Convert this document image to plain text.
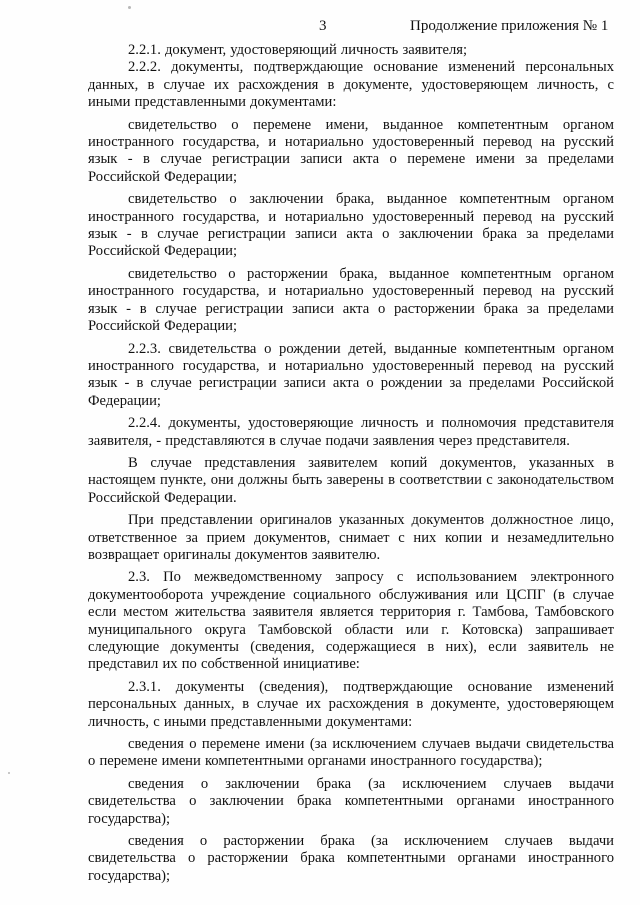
3	Продолжение приложения № 1

2.2.1. документ, удостоверяющий личность заявителя;

2.2.2. документы, подтверждающие основание изменений персональных данных, в случае их расхождения в документе, удостоверяющем личность, с иными представленными документами:

свидетельство о перемене имени, выданное компетентным органом иностранного государства, и нотариально удостоверенный перевод на русский язык - в случае регистрации записи акта о перемене имени за пределами Российской Федерации;

свидетельство о заключении брака, выданное компетентным органом иностранного государства, и нотариально удостоверенный перевод на русский язык - в случае регистрации записи акта о заключении брака за пределами Российской Федерации;

свидетельство о расторжении брака, выданное компетентным органом иностранного государства, и нотариально удостоверенный перевод на русский язык - в случае регистрации записи акта о расторжении брака за пределами Российской Федерации;

2.2.3. свидетельства о рождении детей, выданные компетентным органом иностранного государства, и нотариально удостоверенный перевод на русский язык - в случае регистрации записи акта о рождении за пределами Российской Федерации;

2.2.4. документы, удостоверяющие личность и полномочия представителя заявителя, - представляются в случае подачи заявления через представителя.

В случае представления заявителем копий документов, указанных в настоящем пункте, они должны быть заверены в соответствии с законодательством Российской Федерации.

При представлении оригиналов указанных документов должностное лицо, ответственное за прием документов, снимает с них копии и незамедлительно возвращает оригиналы документов заявителю.

2.3. По межведомственному запросу с использованием электронного документооборота учреждение социального обслуживания или ЦСПГ (в случае если местом жительства заявителя является территория г. Тамбова, Тамбовского муниципального округа Тамбовской области или г. Котовска) запрашивает следующие документы (сведения, содержащиеся в них), если заявитель не представил их по собственной инициативе:

2.3.1. документы (сведения), подтверждающие основание изменений персональных данных, в случае их расхождения в документе, удостоверяющем личность, с иными представленными документами:

сведения о перемене имени (за исключением случаев выдачи свидетельства о перемене имени компетентными органами иностранного государства);

сведения о заключении брака (за исключением случаев выдачи свидетельства о заключении брака компетентными органами иностранного государства);

сведения о расторжении брака (за исключением случаев выдачи свидетельства о расторжении брака компетентными органами иностранного государства);
